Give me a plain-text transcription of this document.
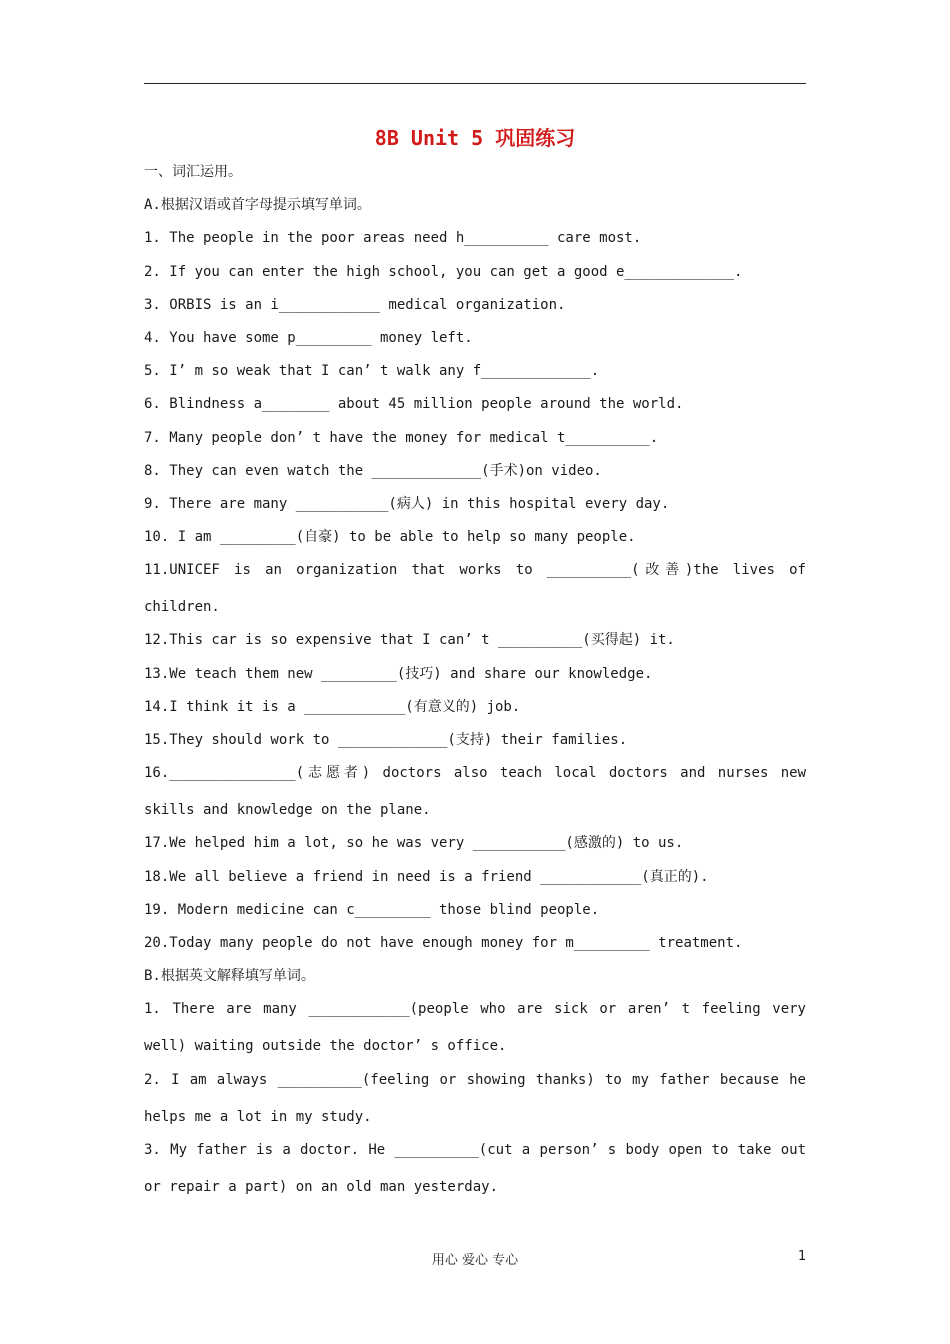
8B Unit 5 巩固练习
一、词汇运用。
A.根据汉语或首字母提示填写单词。
1. The people in the poor areas need h__________ care most.
2. If you can enter the high school, you can get a good e_____________.
3. ORBIS is an i____________ medical organization.
4. You have some p_________ money left.
5. I’ m so weak that I can’ t walk any f_____________.
6. Blindness a________ about 45 million people around the world.
7. Many people don’ t have the money for medical t__________.
8. They can even watch the _____________(手术)on video.
9. There are many ___________(病人) in this hospital every day.
10. I am _________(自豪) to be able to help so many people.
11.UNICEF is an organization that works to __________(改善)the lives of
children.
12.This car is so expensive that I can’ t __________(买得起) it.
13.We teach them new _________(技巧) and share our knowledge.
14.I think it is a ____________(有意义的) job.
15.They should work to _____________(支持) their families.
16._______________(志愿者) doctors also teach local doctors and nurses new
skills and knowledge on the plane.
17.We helped him a lot, so he was very ___________(感激的) to us.
18.We all believe a friend in need is a friend ____________(真正的).
19. Modern medicine can c_________ those blind people.
20.Today many people do not have enough money for m_________ treatment.
B.根据英文解释填写单词。
1. There are many ____________(people who are sick or aren’ t feeling very
well) waiting outside the doctor’ s office.
2. I am always __________(feeling or showing thanks) to my father because he
helps me a lot in my study.
3. My father is a doctor. He __________(cut a person’ s body open to take out
or repair a part) on an old man yesterday.
用心 爱心 专心	1
